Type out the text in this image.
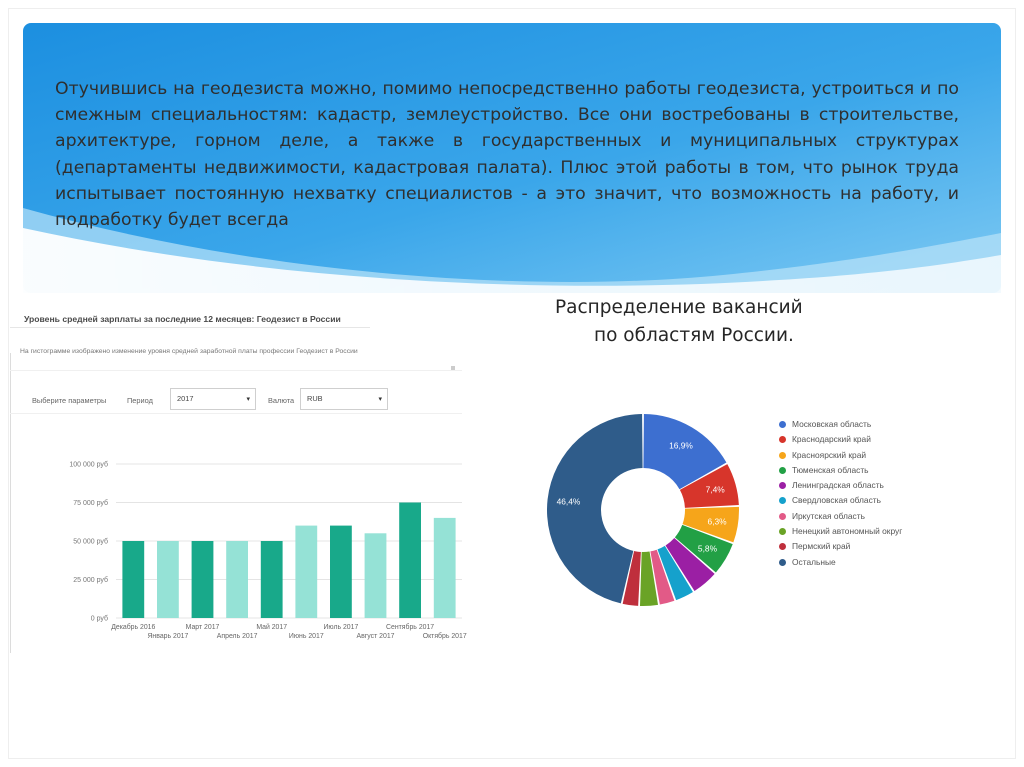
Отучившись на геодезиста можно, помимо непосредственно работы геодезиста, устроиться и по смежным специальностям: кадастр, землеустройство. Все они востребованы в строительстве, архитектуре, горном деле, а также в государственных и муниципальных структурах (департаменты недвижимости, кадастровая палата). Плюс этой работы в том, что рынок труда испытывает постоянную нехватку специалистов - а это значит, что возможность на работу, и подработку будет всегда

Уровень средней зарплаты за последние 12 месяцев: Геодезист в России
На гистограмме изображено изменение уровня средней заработной платы профессии Геодезист в России
Выберите параметры	Период	2017	▾ Валюта	RUB	▾
0 руб
25 000 руб
50 000 руб
75 000 руб
100 000 руб
Декабрь 2016
Январь 2017
Март 2017
Апрель 2017
Май 2017
Июнь 2017
Июль 2017
Август 2017
Сентябрь 2017
Октябрь 2017
Распределение вакансий
по областям России.
16,9%
7,4%
6,3%
5,8%
46,4%
Московская область
Краснодарский край
Красноярский край
Тюменская область
Ленинградская область
Свердловская область
Иркутская область
Ненецкий автономный округ
Пермский край
Остальные
